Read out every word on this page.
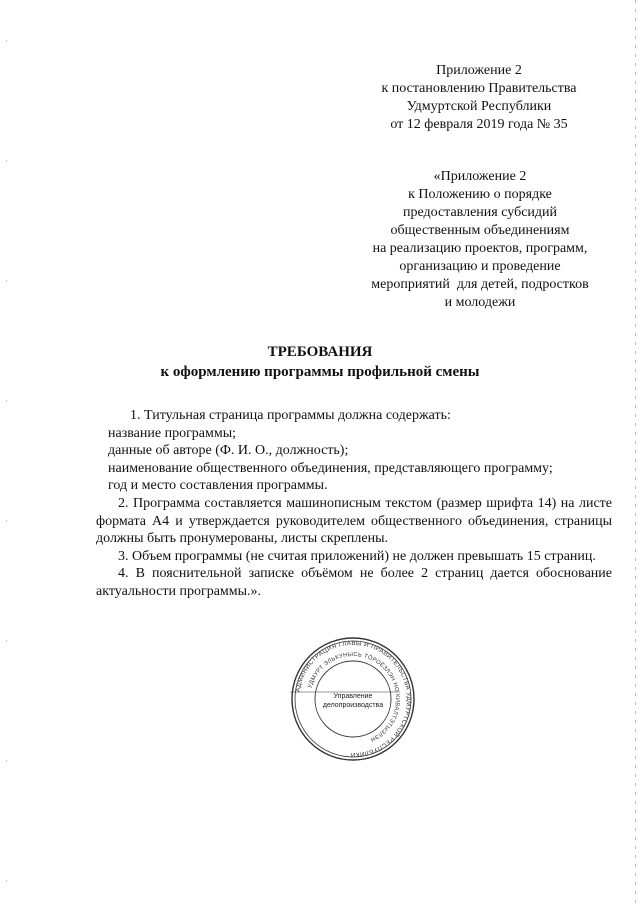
Приложение 2
к постановлению Правительства
Удмуртской Республики
от 12 февраля 2019 года № 35
«Приложение 2
к Положению о порядке
предоставления субсидий
общественным объединениям
на реализацию проектов, программ,
организацию и проведение
мероприятий  для детей, подростков
и молодежи
ТРЕБОВАНИЯ
к оформлению программы профильной смены

1. Титульная страница программы должна содержать:

название программы;

данные об авторе (Ф. И. О., должность);

наименование общественного объединения, представляющего программу;

год и место составления программы.

2. Программа составляется машинописным текстом (размер шрифта 14) на листе формата А4 и утверждается руководителем общественного объединения, страницы должны быть пронумерованы, листы скреплены.

3. Объем программы (не считая приложений) не должен превышать 15 страниц.

4. В пояснительной записке объёмом не более 2 страниц дается обоснование актуальности программы.».

АДМИНИСТРАЦИЯ ГЛАВЫ И ПРАВИТЕЛЬСТВА УДМУРТСКОЙ РЕСПУБЛИКИ
УДМУРТ ЭЛЬКУНЫСЬ ТӦРОЁЗЛЭН НО КИВАЛТЭТЫЗЛЭН
Управление
делопроизводства
